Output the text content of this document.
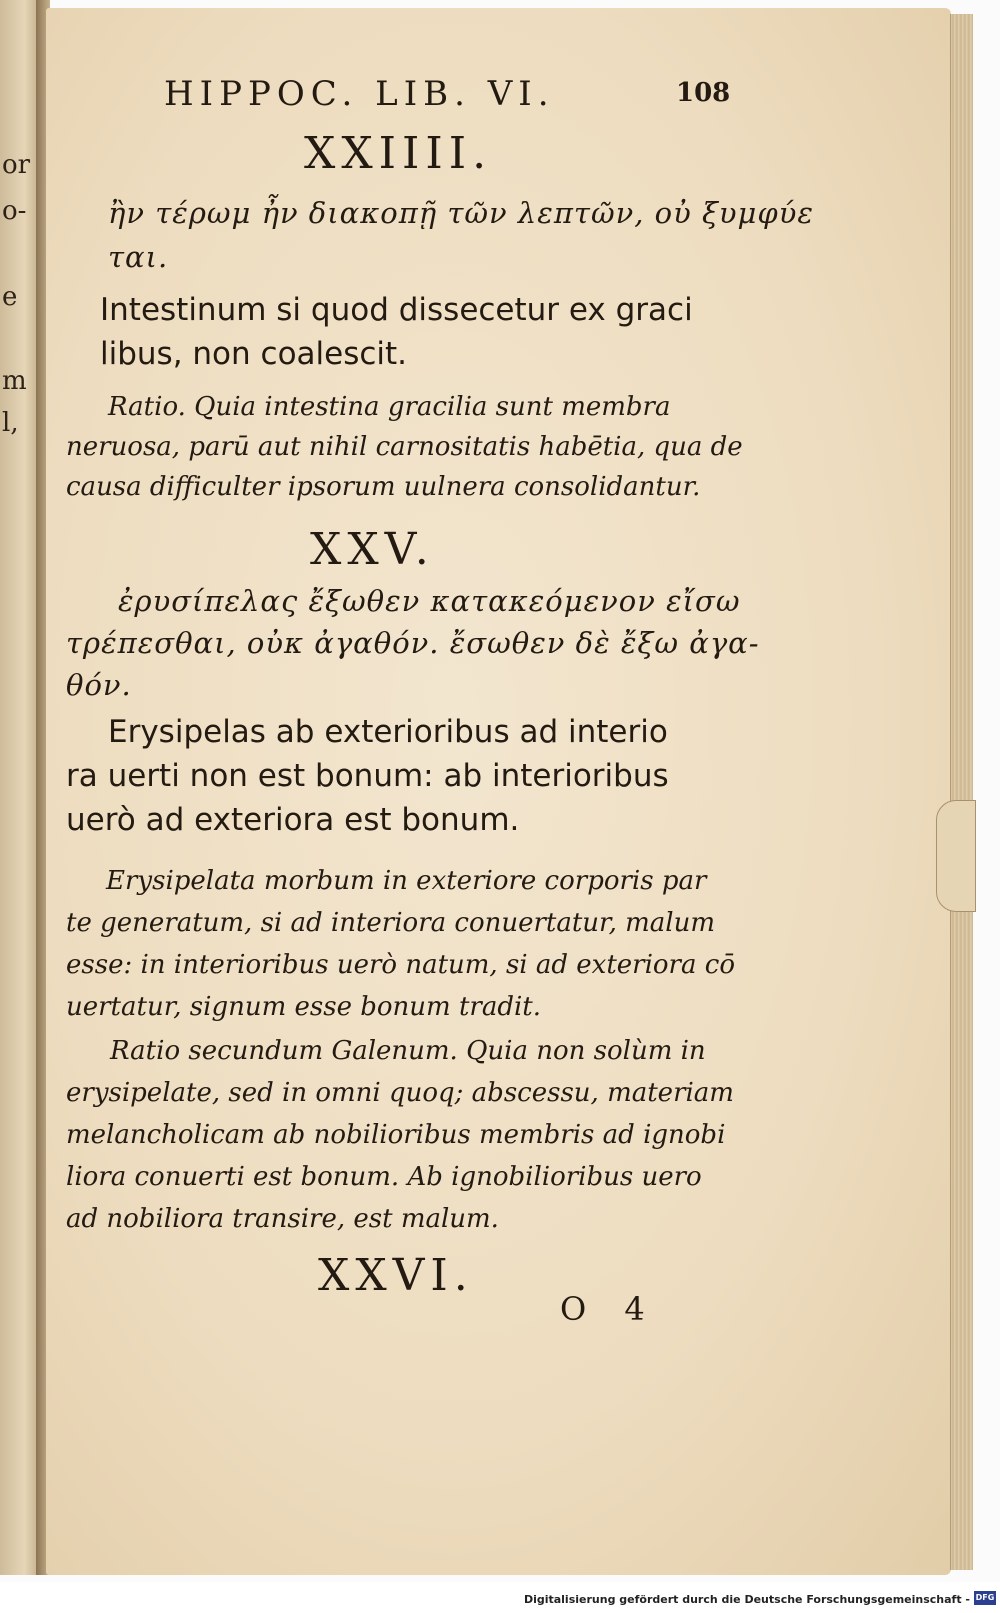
or
o-
e
m
l,
HIPPOC. LIB. VI.	108
XXIIII.
ἢν τέρωμ ἦν διακοπῇ τῶν λεπτῶν, οὐ ξυμφύε
ται.
Intestinum si quod dissecetur ex graci
libus, non coalescit.
Ratio. Quia intestina gracilia sunt membra
neruosa, parū aut nihil carnositatis habētia, qua de
causa difficulter ipsorum uulnera consolidantur.
XXV.
ἐρυσίπελας ἔξωθεν κατακεόμενον εἴσω
τρέπεσθαι, οὐκ ἀγαθόν. ἔσωθεν δὲ ἔξω ἀγα-
θόν.
Erysipelas ab exterioribus ad interio
ra uerti non est bonum: ab interioribus
uerò ad exteriora est bonum.
Erysipelata morbum in exteriore corporis par
te generatum, si ad interiora conuertatur, malum
esse: in interioribus uerò natum, si ad exteriora cō
uertatur, signum esse bonum tradit.
Ratio secundum Galenum. Quia non solùm in
erysipelate, sed in omni quoq; abscessu, materiam
melancholicam ab nobilioribus membris ad ignobi
liora conuerti est bonum. Ab ignobilioribus uero
ad nobiliora transire, est malum.
XXVI.
O 4
Digitalisierung gefördert durch die Deutsche Forschungsgemeinschaft - DFG
